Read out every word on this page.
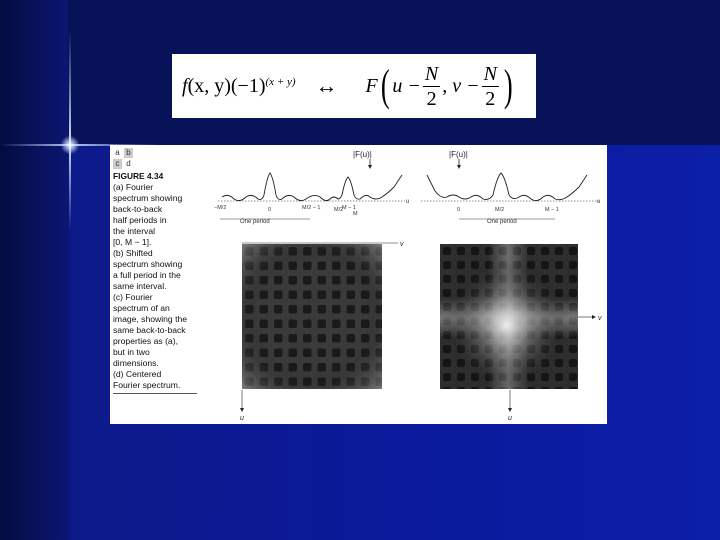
f (x, y) $(-1)^{(x + y)}$ ↔ F ( $u - \frac{N}{2}$ , $v - \frac{N}{2}$ )
a b
c d
FIGURE 4.34
(a) Fourier
spectrum showing
back-to-back
half periods in
the interval
[0, M − 1].
(b) Shifted
spectrum showing
a full period in the
same interval.
(c) Fourier
spectrum of an
image, showing the
same back-to-back
properties as (a),
but in two
dimensions.
(d) Centered
Fourier spectrum.
|F(u)|
−M/2	0	M/2 − 1 M/2
M − 1
M
u
One period
|F(u)|
0	M/2	M − 1
u
One period
v
u
v
u
